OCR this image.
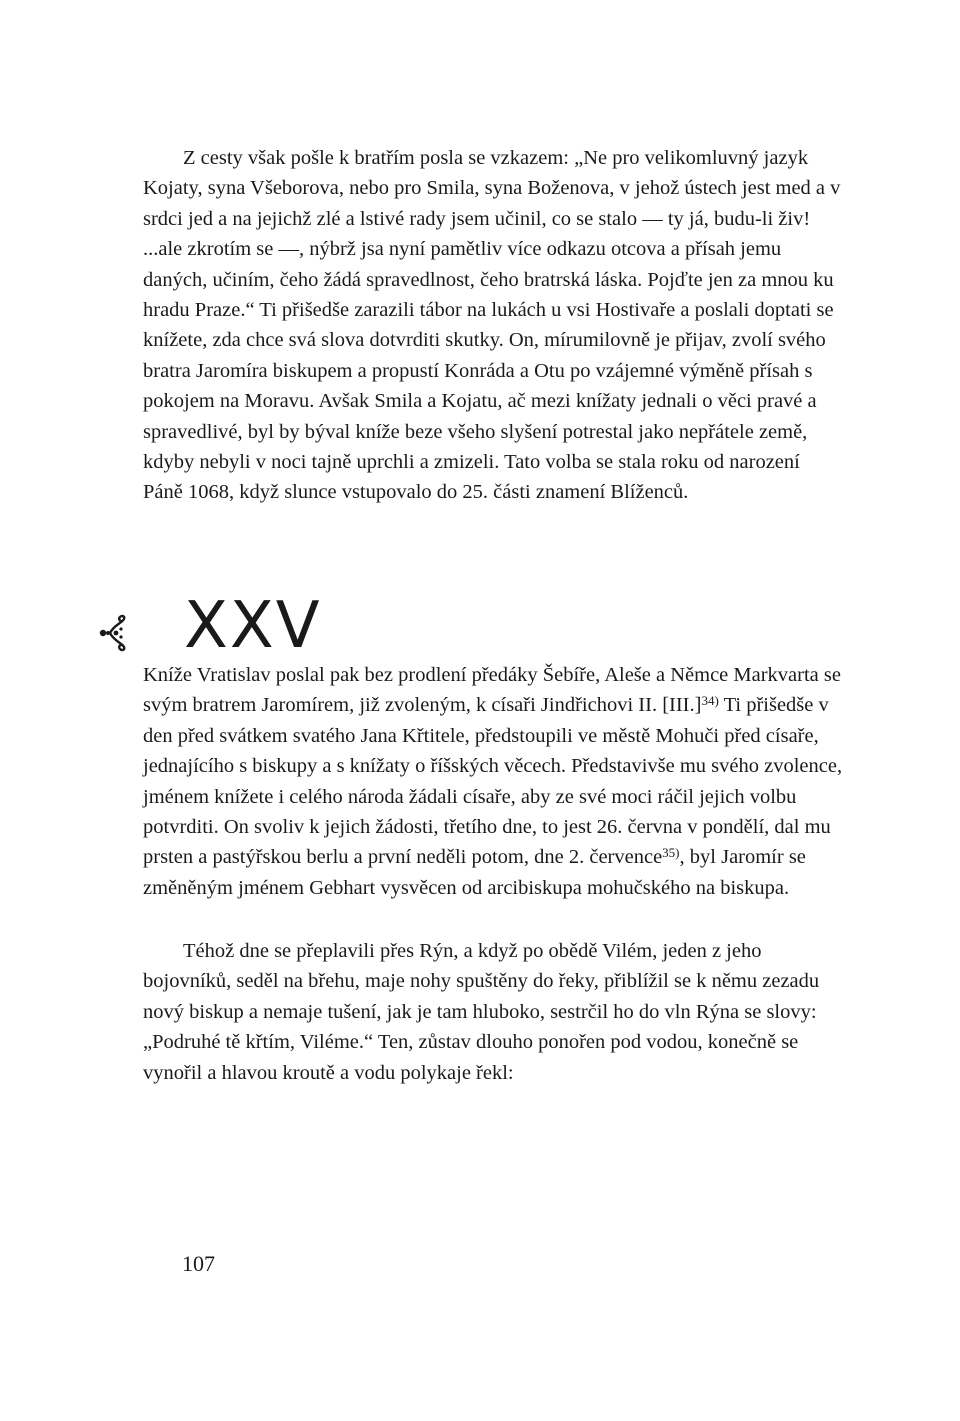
Z cesty však pošle k bratřím posla se vzkazem: „Ne pro velikomluvný jazyk Kojaty, syna Všeborova, nebo pro Smila, syna Boženova, v jehož ústech jest med a v srdci jed a na jejichž zlé a lstivé rady jsem učinil, co se stalo — ty já, budu-li živ! ...ale zkrotím se —, nýbrž jsa nyní pamětliv více odkazu otcova a přísah jemu daných, učiním, čeho žádá spravedlnost, čeho bratrská láska. Pojďte jen za mnou ku hradu Praze.“ Ti přišedše zarazili tábor na lukách u vsi Hostivaře a poslali doptati se knížete, zda chce svá slova dotvrditi skutky. On, mírumilovně je přijav, zvolí svého bratra Jaromíra biskupem a propustí Konráda a Otu po vzájemné výměně přísah s pokojem na Moravu. Avšak Smila a Kojatu, ač mezi knížaty jednali o věci pravé a spravedlivé, byl by býval kníže beze všeho slyšení potrestal jako nepřátele země, kdyby nebyli v noci tajně uprchli a zmizeli. Tato volba se stala roku od narození Páně 1068, když slunce vstupovalo do 25. části znamení Blíženců.

XXV

Kníže Vratislav poslal pak bez prodlení předáky Šebíře, Aleše a Němce Markvarta se svým bratrem Jaromírem, již zvoleným, k císaři Jindřichovi II. $[III.]^{34)}$ Ti přišedše v den před svátkem svatého Jana Křtitele, předstoupili ve městě Mohuči před císaře, jednajícího s biskupy a s knížaty o říšských věcech. Představivše mu svého zvolence, jménem knížete i celého národa žádali císaře, aby ze své moci ráčil jejich volbu potvrditi. On svoliv k jejich žádosti, třetího dne, to jest 26. června v pondělí, dal mu prsten a pastýřskou berlu a první neděli potom, dne 2. července$^{35)}$, byl Jaromír se změněným jménem Gebhart vysvěcen od arcibiskupa mohučského na biskupa.

Téhož dne se přeplavili přes Rýn, a když po obědě Vilém, jeden z jeho bojovníků, seděl na břehu, maje nohy spuštěny do řeky, přiblížil se k němu zezadu nový biskup a nemaje tušení, jak je tam hluboko, sestrčil ho do vln Rýna se slovy: „Podruhé tě křtím, Viléme.“ Ten, zůstav dlouho ponořen pod vodou, konečně se vynořil a hlavou kroutě a vodu polykaje řekl:

107
